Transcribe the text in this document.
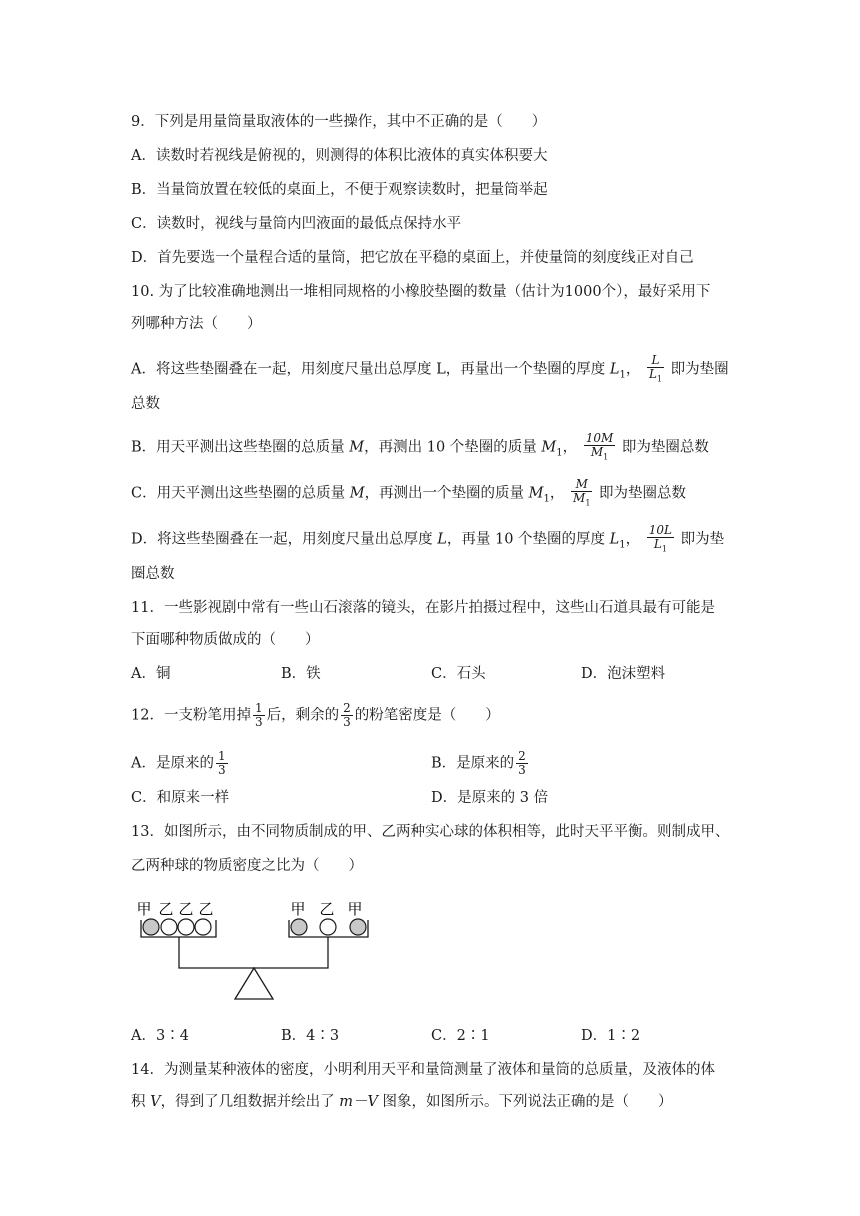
9．下列是用量筒量取液体的一些操作，其中不正确的是（　　）
A．读数时若视线是俯视的，则测得的体积比液体的真实体积要大
B．当量筒放置在较低的桌面上，不便于观察读数时，把量筒举起
C．读数时，视线与量筒内凹液面的最低点保持水平
D．首先要选一个量程合适的量筒，把它放在平稳的桌面上，并使量筒的刻度线正对自己
10. 为了比较准确地测出一堆相同规格的小橡胶垫圈的数量（估计为1000个），最好采用下
列哪种方法（　　）
A．将这些垫圈叠在一起，用刻度尺量出总厚度 L，再量出一个垫圈的厚度 $L_1$， $\frac{L}{L_1}$ 即为垫圈
总数
B．用天平测出这些垫圈的总质量 M，再测出 10 个垫圈的质量 $M_1$， $\frac{10M}{M_1}$ 即为垫圈总数
C．用天平测出这些垫圈的总质量 M，再测出一个垫圈的质量 $M_1$， $\frac{M}{M_1}$ 即为垫圈总数
D．将这些垫圈叠在一起，用刻度尺量出总厚度 L，再量 10 个垫圈的厚度 $L_1$， $\frac{10L}{L_1}$ 即为垫
圈总数
11．一些影视剧中常有一些山石滚落的镜头，在影片拍摄过程中，这些山石道具最有可能是
下面哪种物质做成的（　　）
A．铜	B．铁	C．石头	D．泡沫塑料
12．一支粉笔用掉 $\frac{1}{3}$ 后，剩余的 $\frac{2}{3}$ 的粉笔密度是（　　）
A．是原来的 $\frac{1}{3}$	B．是原来的 $\frac{2}{3}$
C．和原来一样	D．是原来的 3 倍
13．如图所示，由不同物质制成的甲、乙两种实心球的体积相等，此时天平平衡。则制成甲、
乙两种球的物质密度之比为（　　）
甲 乙 乙 乙	甲 乙 甲
A．3∶4	B．4∶3	C．2∶1	D．1∶2
14．为测量某种液体的密度，小明利用天平和量筒测量了液体和量筒的总质量，及液体的体
积 V，得到了几组数据并绘出了 m－V 图象，如图所示。下列说法正确的是（　　）
